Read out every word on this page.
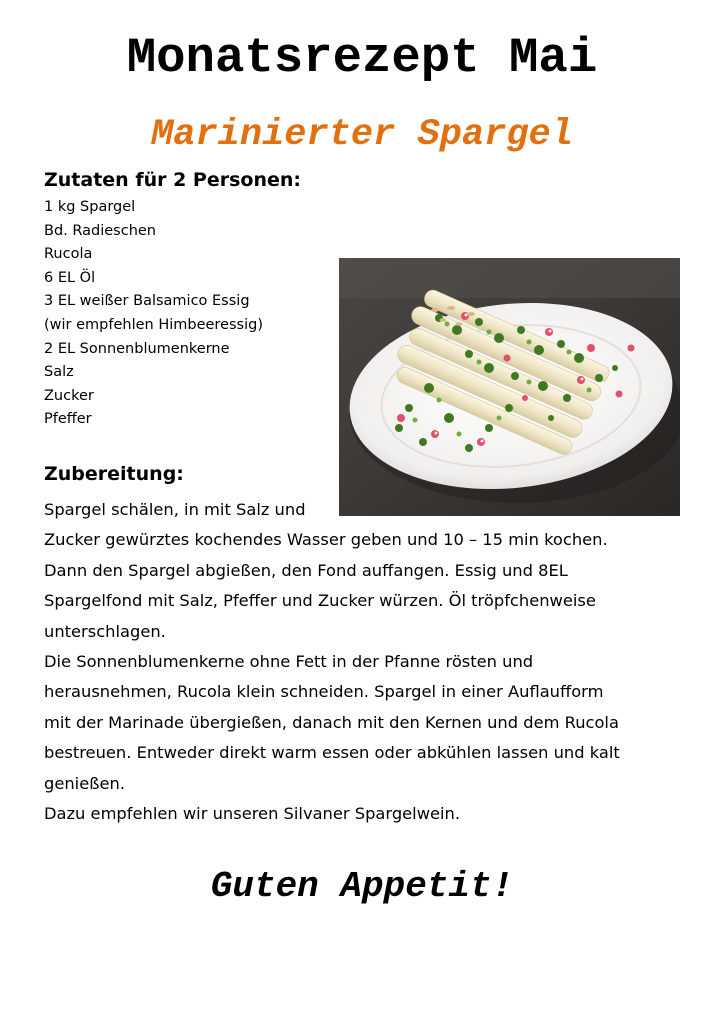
Monatsrezept Mai
Marinierter Spargel
Zutaten für 2 Personen:
1 kg Spargel
Bd. Radieschen
Rucola
6 EL Öl
3 EL weißer Balsamico Essig
(wir empfehlen Himbeeressig)
2 EL Sonnenblumenkerne
Salz
Zucker
Pfeffer
Zubereitung:
Spargel schälen, in mit Salz und
Zucker gewürztes kochendes Wasser geben und 10 – 15 min kochen.
Dann den Spargel abgießen, den Fond auffangen. Essig und 8EL
Spargelfond mit Salz, Pfeffer und Zucker würzen. Öl tröpfchenweise
unterschlagen.
Die Sonnenblumenkerne ohne Fett in der Pfanne rösten und
herausnehmen, Rucola klein schneiden. Spargel in einer Auflaufform
mit der Marinade übergießen, danach mit den Kernen und dem Rucola
bestreuen. Entweder direkt warm essen oder abkühlen lassen und kalt
genießen.
Dazu empfehlen wir unseren Silvaner Spargelwein.
Guten Appetit!
